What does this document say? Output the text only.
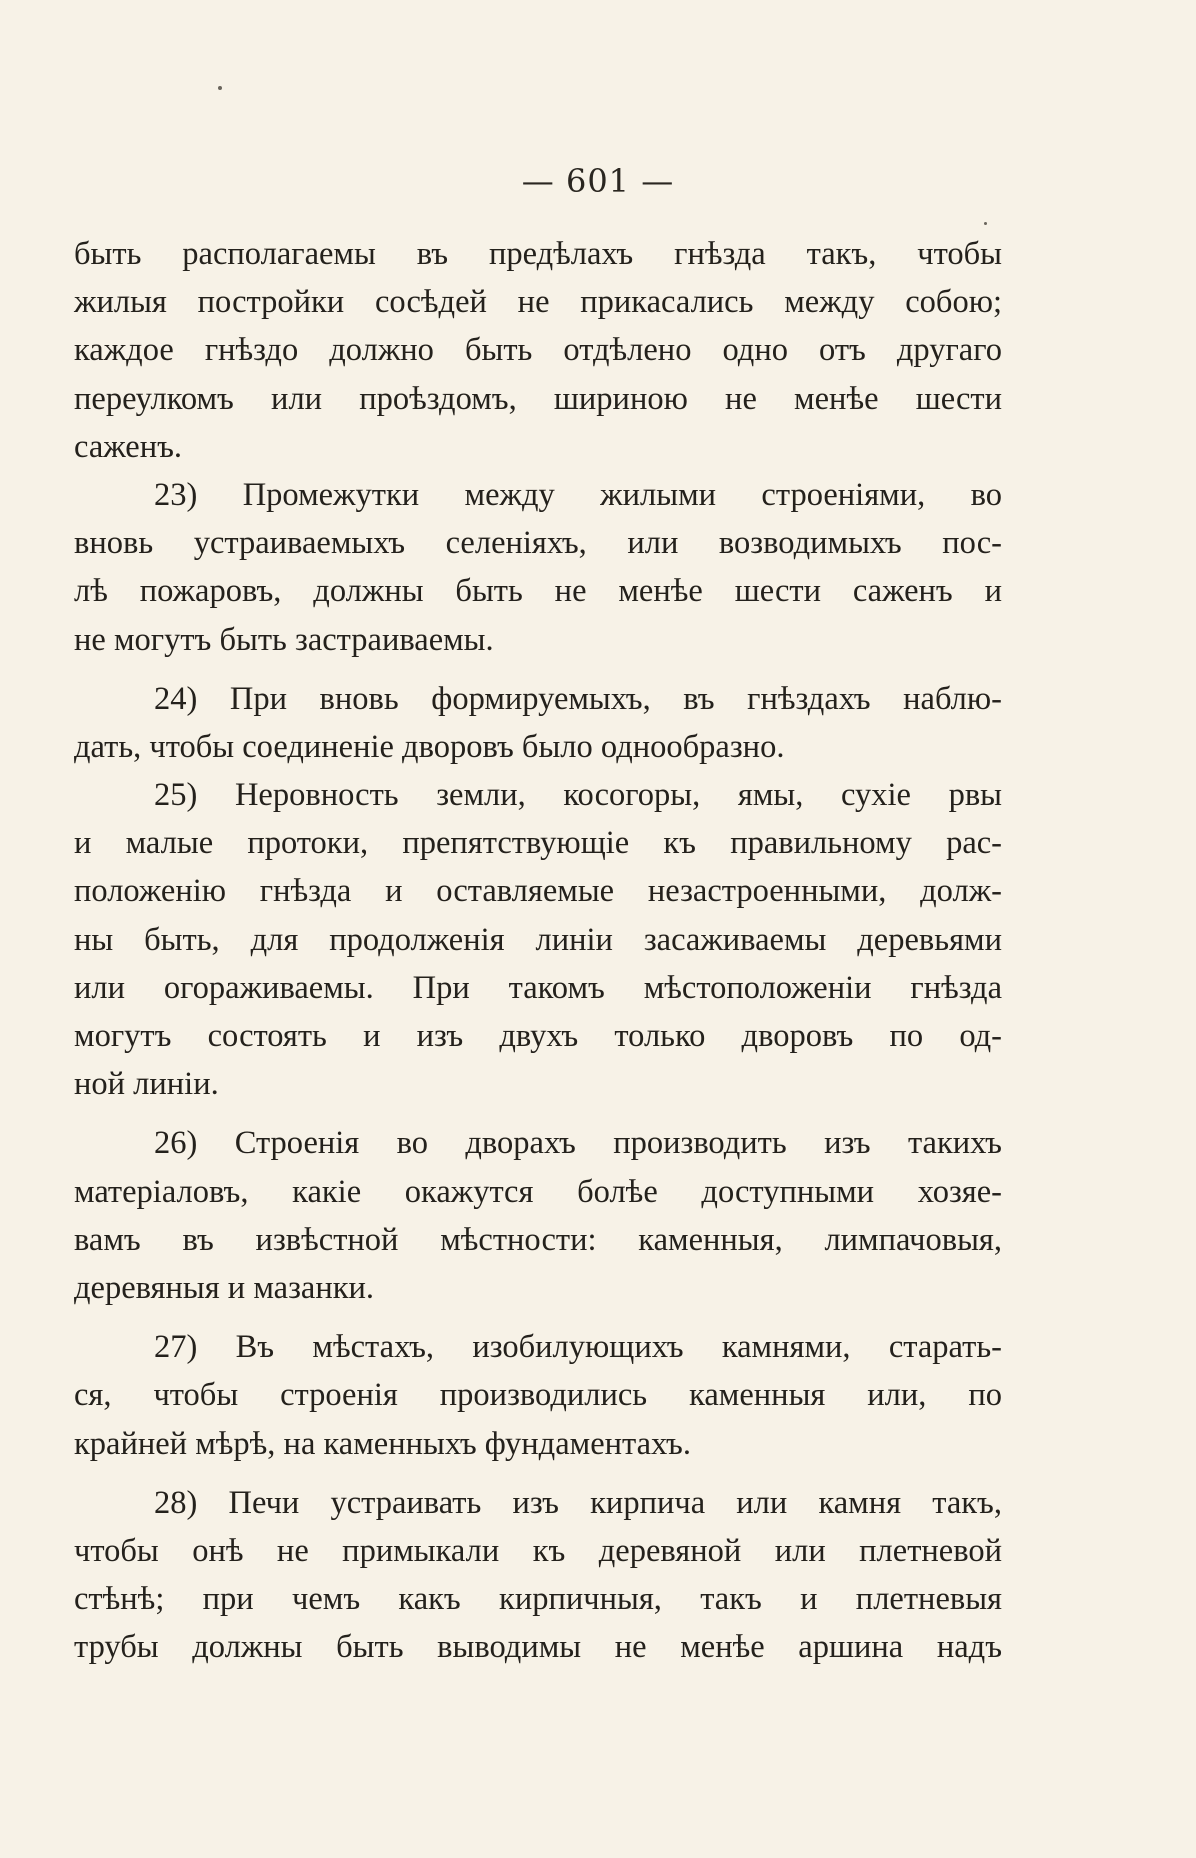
— 601 —
быть располагаемы въ предѣлахъ гнѣзда такъ, чтобы
жилыя постройки сосѣдей не прикасались между собою;
каждое гнѣздо должно быть отдѣлено одно отъ другаго
переулкомъ или проѣздомъ, шириною не менѣе шести
саженъ.
23) Промежутки между жилыми строеніями, во
вновь устраиваемыхъ селеніяхъ, или возводимыхъ пос-
лѣ пожаровъ, должны быть не менѣе шести саженъ и
не могутъ быть застраиваемы.
24) При вновь формируемыхъ, въ гнѣздахъ наблю-
дать, чтобы соединеніе дворовъ было однообразно.
25) Неровность земли, косогоры, ямы, сухіе рвы
и малые протоки, препятствующіе къ правильному рас-
положенію гнѣзда и оставляемые незастроенными, долж-
ны быть, для продолженія линіи засаживаемы деревьями
или огораживаемы. При такомъ мѣстоположеніи гнѣзда
могутъ состоять и изъ двухъ только дворовъ по од-
ной линіи.
26) Строенія во дворахъ производить изъ такихъ
матеріаловъ, какіе окажутся болѣе доступными хозяе-
вамъ въ извѣстной мѣстности: каменныя, лимпачовыя,
деревяныя и мазанки.
27) Въ мѣстахъ, изобилующихъ камнями, старать-
ся, чтобы строенія производились каменныя или, по
крайней мѣрѣ, на каменныхъ фундаментахъ.
28) Печи устраивать изъ кирпича или камня такъ,
чтобы онѣ не примыкали къ деревяной или плетневой
стѣнѣ; при чемъ какъ кирпичныя, такъ и плетневыя
трубы должны быть выводимы не менѣе аршина надъ
